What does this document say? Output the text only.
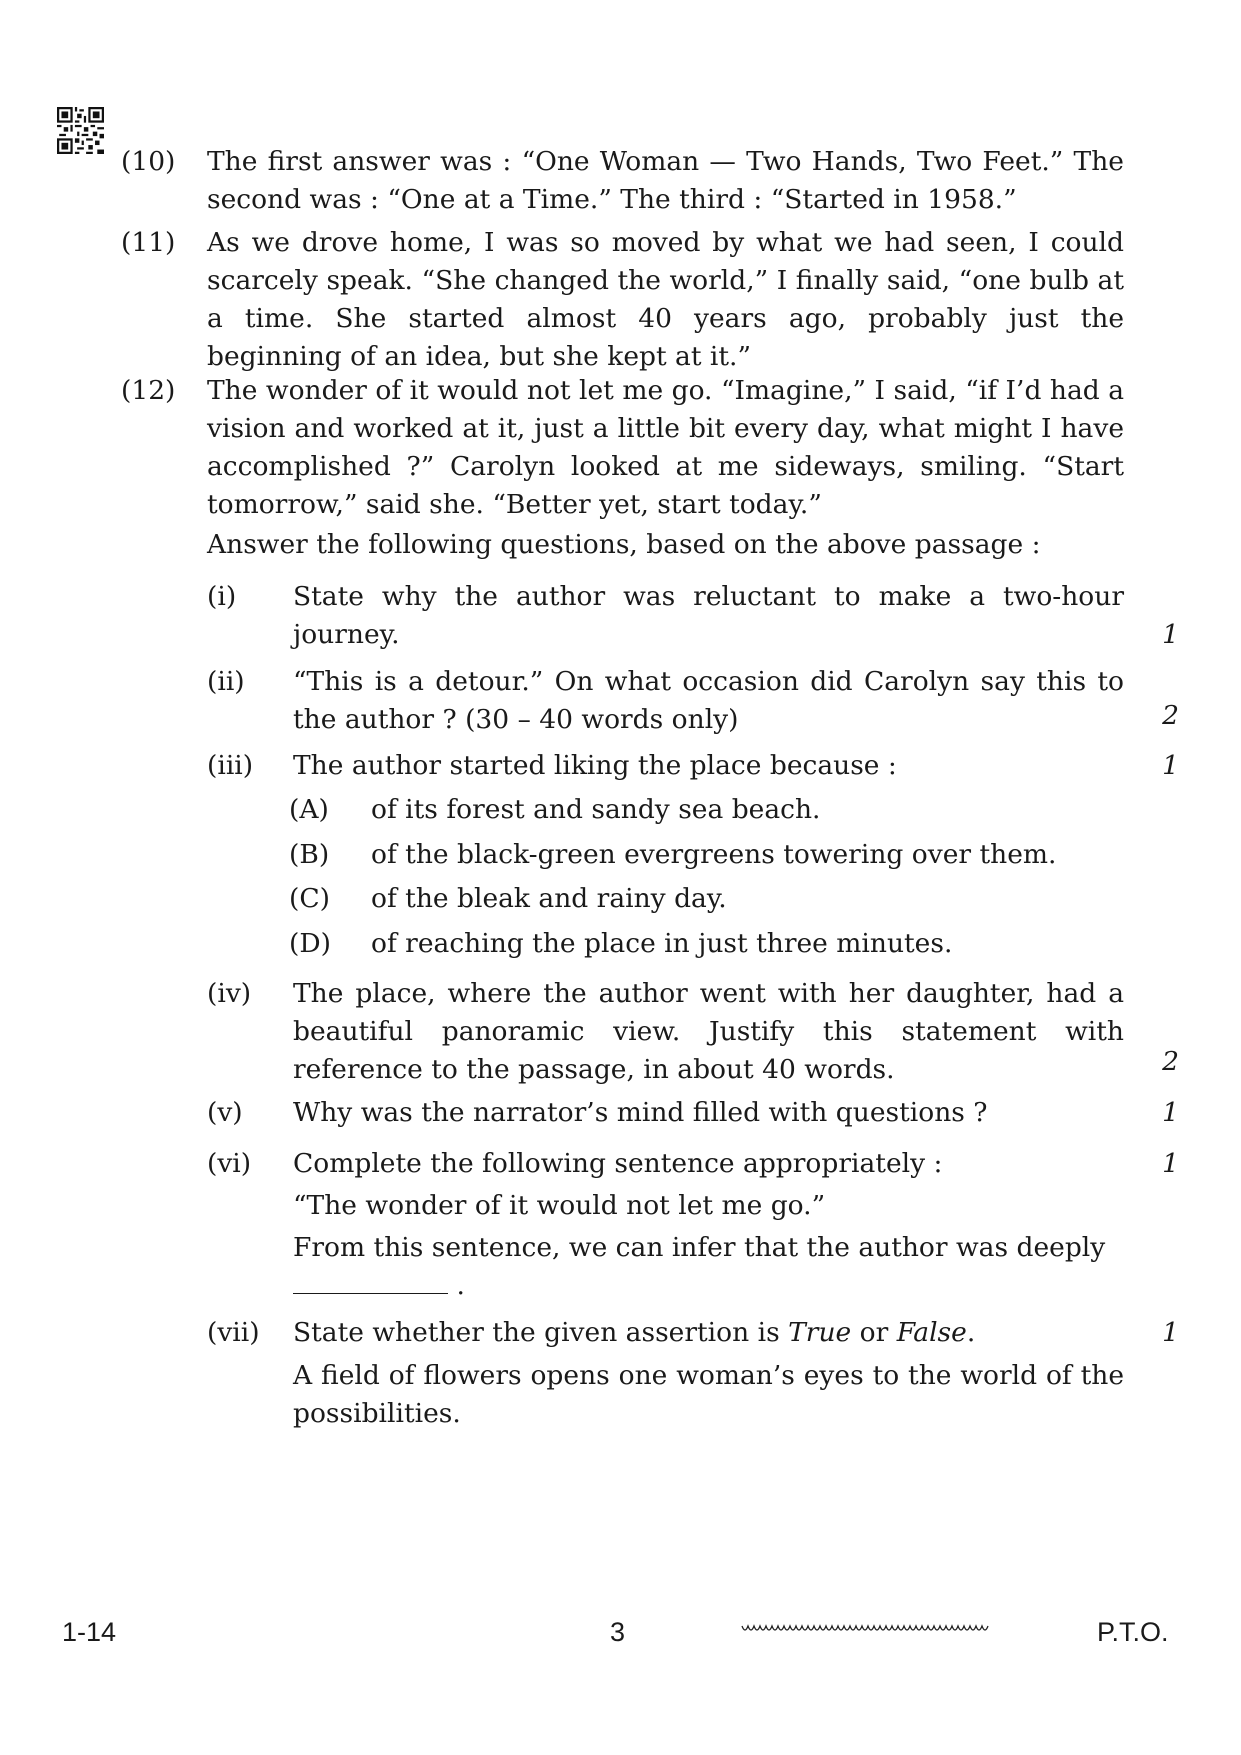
(10) The first answer was : “One Woman — Two Hands, Two Feet.” The second was : “One at a Time.” The third : “Started in 1958.”
(11) As we drove home, I was so moved by what we had seen, I could scarcely speak. “She changed the world,” I finally said, “one bulb at a time. She started almost 40 years ago, probably just the beginning of an idea, but she kept at it.”
(12) The wonder of it would not let me go. “Imagine,” I said, “if I’d had a vision and worked at it, just a little bit every day, what might I have accomplished ?” Carolyn looked at me sideways, smiling. “Start tomorrow,” said she. “Better yet, start today.”
Answer the following questions, based on the above passage :
(i) State why the author was reluctant to make a two-hour journey.	1
(ii) “This is a detour.” On what occasion did Carolyn say this to the author ? (30 – 40 words only)	2
(iii) The author started liking the place because :	1
(A) of its forest and sandy sea beach.
(B) of the black-green evergreens towering over them.
(C) of the bleak and rainy day.
(D) of reaching the place in just three minutes.
(iv) The place, where the author went with her daughter, had a beautiful panoramic view. Justify this statement with reference to the passage, in about 40 words.	2
(v) Why was the narrator’s mind filled with questions ?	1
(vi) Complete the following sentence appropriately :	1
“The wonder of it would not let me go.”
From this sentence, we can infer that the author was deeply
.
(vii) State whether the given assertion is True or False.	1
A field of flowers opens one woman’s eyes to the world of the possibilities.
1-14	3	P.T.O.
